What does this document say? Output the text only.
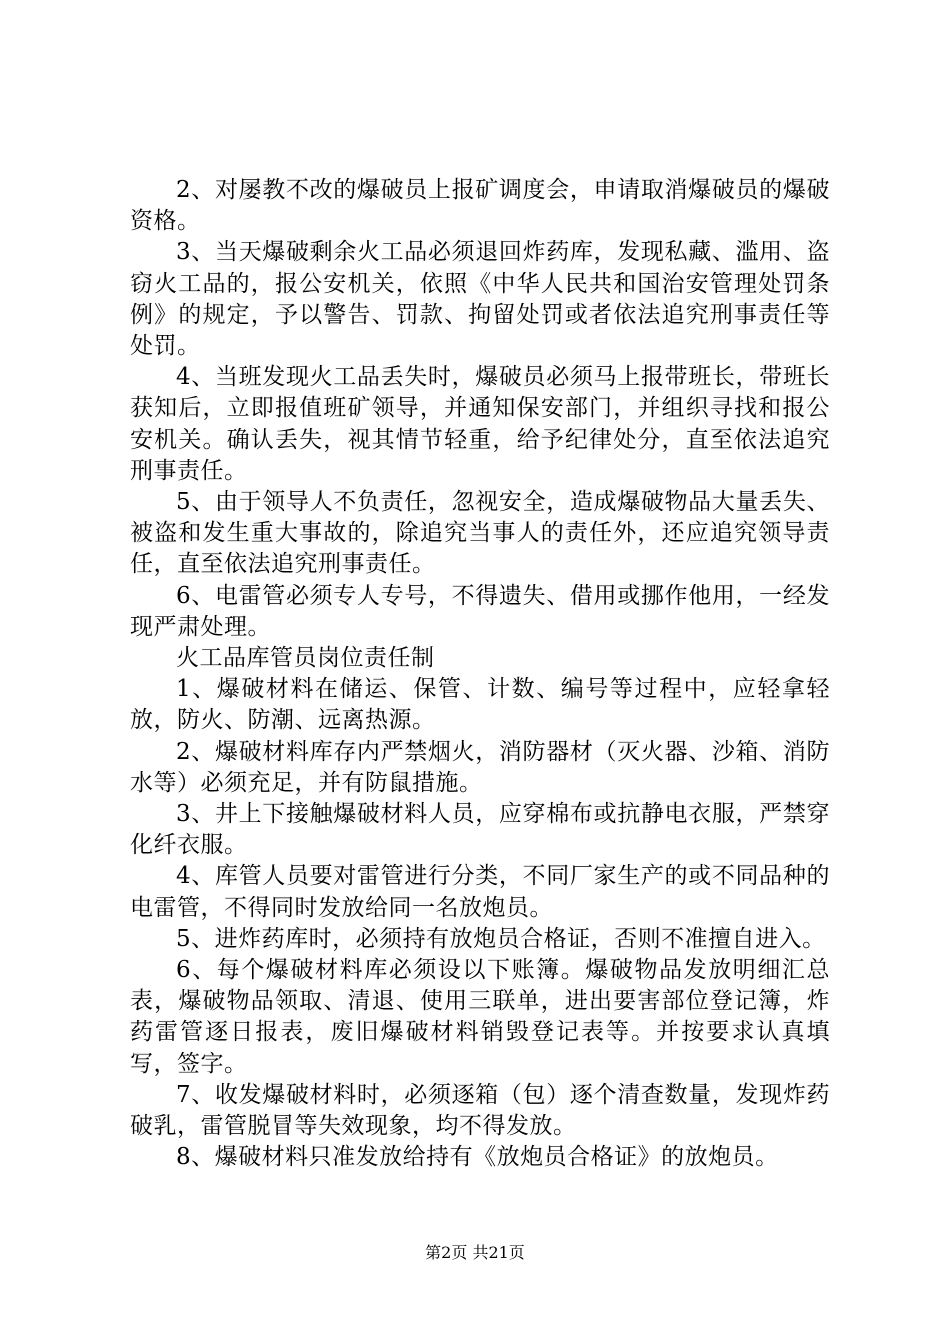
2、对屡教不改的爆破员上报矿调度会，申请取消爆破员的爆破资格。

3、当天爆破剩余火工品必须退回炸药库，发现私藏、滥用、盗窃火工品的，报公安机关，依照《中华人民共和国治安管理处罚条例》的规定，予以警告、罚款、拘留处罚或者依法追究刑事责任等处罚。

4、当班发现火工品丢失时，爆破员必须马上报带班长，带班长获知后，立即报值班矿领导，并通知保安部门，并组织寻找和报公安机关。确认丢失，视其情节轻重，给予纪律处分，直至依法追究刑事责任。

5、由于领导人不负责任，忽视安全，造成爆破物品大量丢失、被盗和发生重大事故的，除追究当事人的责任外，还应追究领导责任，直至依法追究刑事责任。

6、电雷管必须专人专号，不得遗失、借用或挪作他用，一经发现严肃处理。

火工品库管员岗位责任制

1、爆破材料在储运、保管、计数、编号等过程中，应轻拿轻放，防火、防潮、远离热源。

2、爆破材料库存内严禁烟火，消防器材（灭火器、沙箱、消防水等）必须充足，并有防鼠措施。

3、井上下接触爆破材料人员，应穿棉布或抗静电衣服，严禁穿化纤衣服。

4、库管人员要对雷管进行分类，不同厂家生产的或不同品种的电雷管，不得同时发放给同一名放炮员。

5、进炸药库时，必须持有放炮员合格证，否则不准擅自进入。

6、每个爆破材料库必须设以下账簿。爆破物品发放明细汇总表，爆破物品领取、清退、使用三联单，进出要害部位登记簿，炸药雷管逐日报表，废旧爆破材料销毁登记表等。并按要求认真填写，签字。

7、收发爆破材料时，必须逐箱（包）逐个清查数量，发现炸药破乳，雷管脱冒等失效现象，均不得发放。

8、爆破材料只准发放给持有《放炮员合格证》的放炮员。

第2页 共21页
